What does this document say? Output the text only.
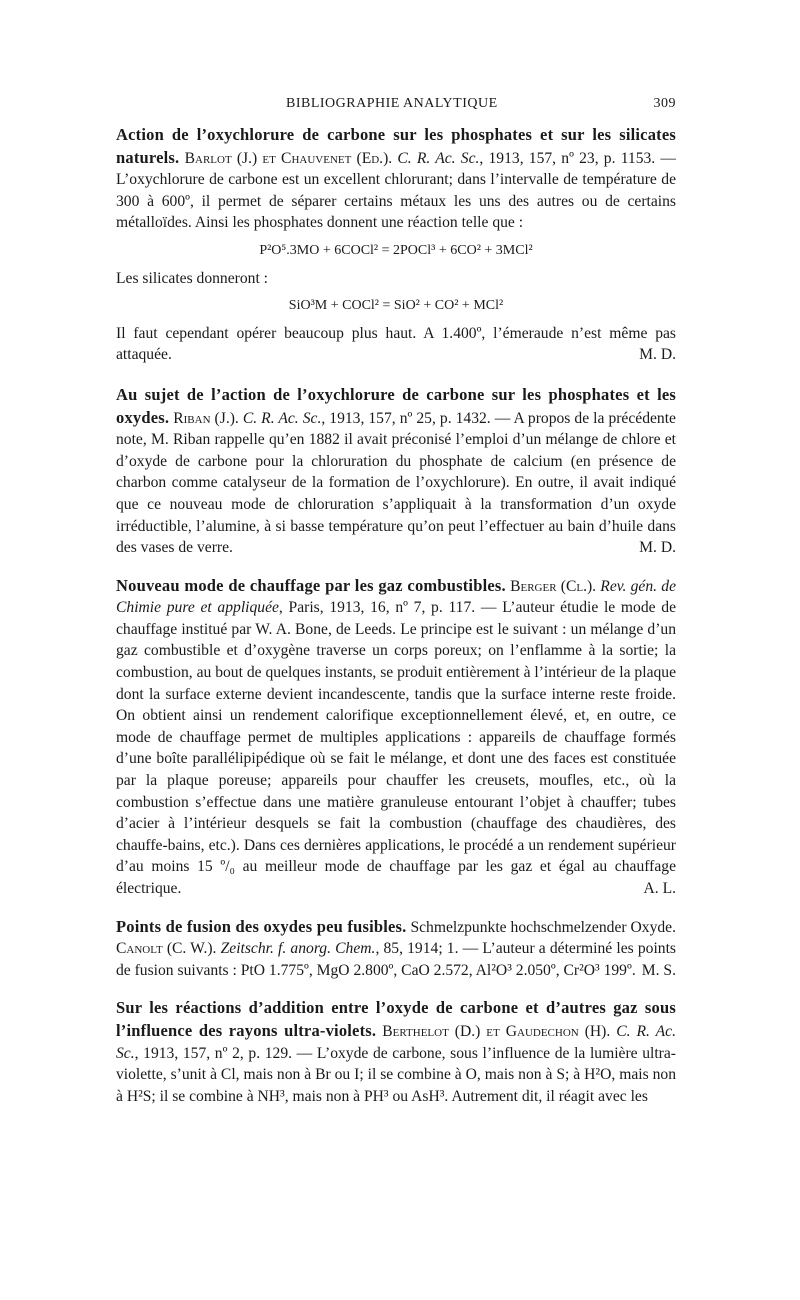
BIBLIOGRAPHIE ANALYTIQUE	309
Action de l’oxychlorure de carbone sur les phosphates et sur les silicates naturels. Barlot (J.) et Chauvenet (Ed.). C. R. Ac. Sc., 1913, 157, nº 23, p. 1153. — L’oxychlorure de carbone est un excellent chlorurant; dans l’intervalle de température de 300 à 600º, il permet de séparer certains métaux les uns des autres ou de certains métalloïdes. Ainsi les phosphates donnent une réaction telle que :
P²O⁵.3MO + 6COCl² = 2POCl³ + 6CO² + 3MCl²
Les silicates donneront :
SiO³M + COCl² = SiO² + CO² + MCl²
Il faut cependant opérer beaucoup plus haut. A 1.400º, l’émeraude n’est même pas attaquée.	M. D.
Au sujet de l’action de l’oxychlorure de carbone sur les phosphates et les oxydes. Riban (J.). C. R. Ac. Sc., 1913, 157, nº 25, p. 1432. — A propos de la précédente note, M. Riban rappelle qu’en 1882 il avait préconisé l’emploi d’un mélange de chlore et d’oxyde de carbone pour la chloruration du phosphate de calcium (en présence de charbon comme catalyseur de la formation de l’oxychlorure). En outre, il avait indiqué que ce nouveau mode de chloruration s’appliquait à la transformation d’un oxyde irréductible, l’alumine, à si basse température qu’on peut l’effectuer au bain d’huile dans des vases de verre.	M. D.
Nouveau mode de chauffage par les gaz combustibles. Berger (Cl.). Rev. gén. de Chimie pure et appliquée, Paris, 1913, 16, nº 7, p. 117. — L’auteur étudie le mode de chauffage institué par W. A. Bone, de Leeds. Le principe est le suivant : un mélange d’un gaz combustible et d’oxygène traverse un corps poreux; on l’enflamme à la sortie; la combustion, au bout de quelques instants, se produit entièrement à l’intérieur de la plaque dont la surface externe devient incandescente, tandis que la surface interne reste froide. On obtient ainsi un rendement calorifique exceptionnellement élevé, et, en outre, ce mode de chauffage permet de multiples applications : appareils de chauffage formés d’une boîte parallélipipédique où se fait le mélange, et dont une des faces est constituée par la plaque poreuse; appareils pour chauffer les creusets, moufles, etc., où la combustion s’effectue dans une matière granuleuse entourant l’objet à chauffer; tubes d’acier à l’intérieur desquels se fait la combustion (chauffage des chaudières, des chauffe-bains, etc.). Dans ces dernières applications, le procédé a un rendement supérieur d’au moins 15 º/₀ au meilleur mode de chauffage par les gaz et égal au chauffage électrique.	A. L.
Points de fusion des oxydes peu fusibles. Schmelzpunkte hochschmelzender Oxyde. Canolt (C. W.). Zeitschr. f. anorg. Chem., 85, 1914; 1. — L’auteur a déterminé les points de fusion suivants : PtO 1.775º, MgO 2.800º, CaO 2.572, Al²O³ 2.050º, Cr²O³ 199º. M. S.
Sur les réactions d’addition entre l’oxyde de carbone et d’autres gaz sous l’influence des rayons ultra-violets. Berthelot (D.) et Gaudechon (H). C. R. Ac. Sc., 1913, 157, nº 2, p. 129. — L’oxyde de carbone, sous l’influence de la lumière ultra-violette, s’unit à Cl, mais non à Br ou I; il se combine à O, mais non à S; à H²O, mais non à H²S; il se combine à NH³, mais non à PH³ ou AsH³. Autrement dit, il réagit avec les
